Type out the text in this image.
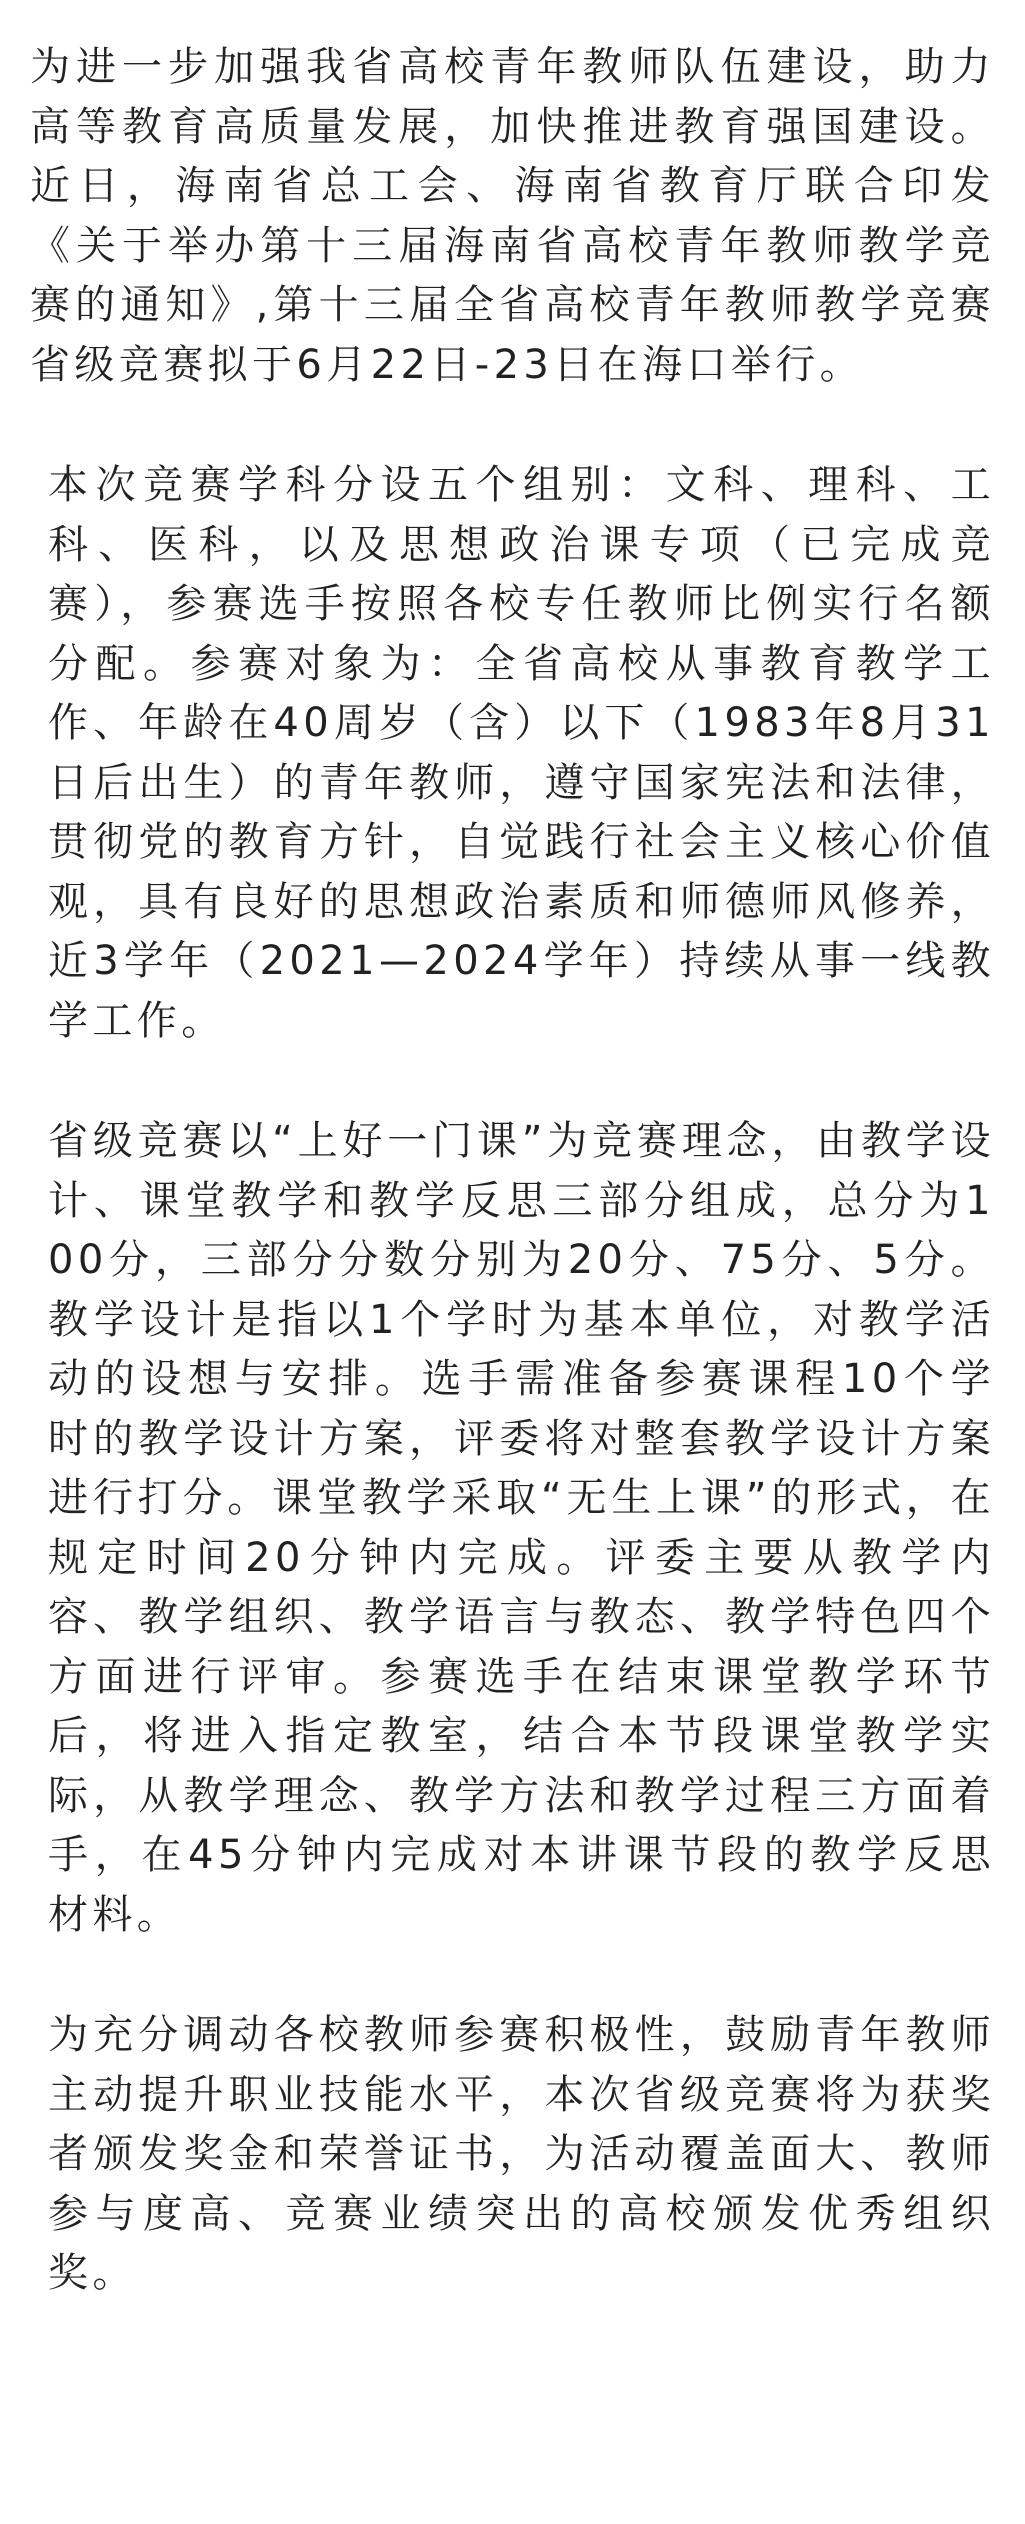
为进一步加强我省高校青年教师队伍建设，助力高等教育高质量发展，加快推进教育强国建设。近日，海南省总工会、海南省教育厅联合印发《关于举办第十三届海南省高校青年教师教学竞赛的通知》,第十三届全省高校青年教师教学竞赛省级竞赛拟于6月22日-23日在海口举行。

本次竞赛学科分设五个组别：文科、理科、工科、医科，以及思想政治课专项（已完成竞赛），参赛选手按照各校专任教师比例实行名额分配。参赛对象为：全省高校从事教育教学工作、年龄在40周岁（含）以下（1983年8月31日后出生）的青年教师，遵守国家宪法和法律，贯彻党的教育方针，自觉践行社会主义核心价值观，具有良好的思想政治素质和师德师风修养，近3学年（2021—2024学年）持续从事一线教学工作。

省级竞赛以“上好一门课”为竞赛理念，由教学设计、课堂教学和教学反思三部分组成，总分为100分，三部分分数分别为20分、75分、5分。教学设计是指以1个学时为基本单位，对教学活动的设想与安排。选手需准备参赛课程10个学时的教学设计方案，评委将对整套教学设计方案进行打分。课堂教学采取“无生上课”的形式，在规定时间20分钟内完成。评委主要从教学内容、教学组织、教学语言与教态、教学特色四个方面进行评审。参赛选手在结束课堂教学环节后，将进入指定教室，结合本节段课堂教学实际，从教学理念、教学方法和教学过程三方面着手，在45分钟内完成对本讲课节段的教学反思材料。

为充分调动各校教师参赛积极性，鼓励青年教师主动提升职业技能水平，本次省级竞赛将为获奖者颁发奖金和荣誉证书，为活动覆盖面大、教师参与度高、竞赛业绩突出的高校颁发优秀组织奖。
